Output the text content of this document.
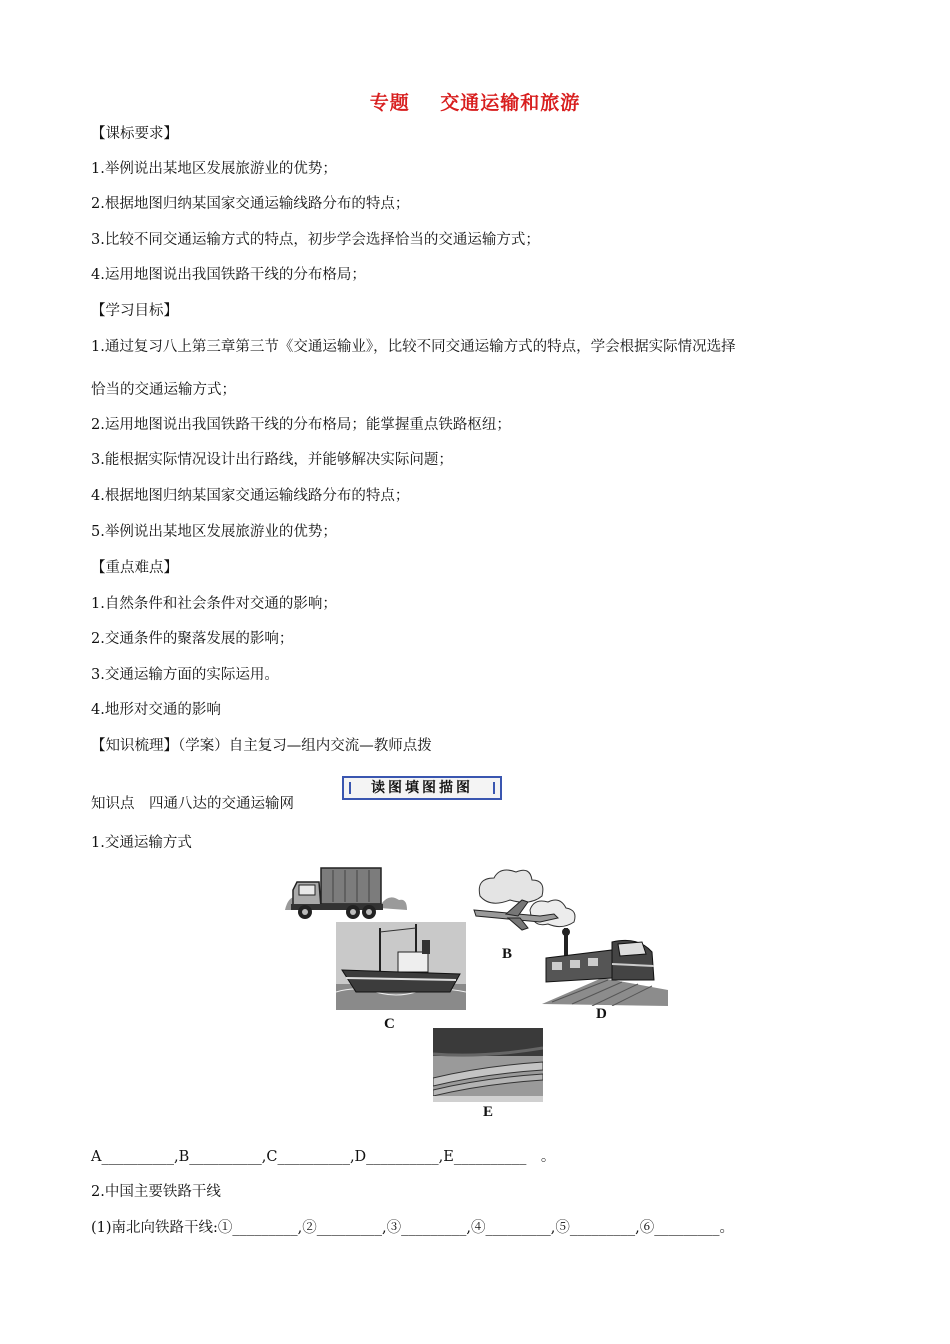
专题    交通运输和旅游
【课标要求】
1.举例说出某地区发展旅游业的优势；
2.根据地图归纳某国家交通运输线路分布的特点；
3.比较不同交通运输方式的特点，初步学会选择恰当的交通运输方式；
4.运用地图说出我国铁路干线的分布格局；
【学习目标】
1.通过复习八上第三章第三节《交通运输业》，比较不同交通运输方式的特点，学会根据实际情况选择
恰当的交通运输方式；
2.运用地图说出我国铁路干线的分布格局；能掌握重点铁路枢纽；
3.能根据实际情况设计出行路线，并能够解决实际问题；
4.根据地图归纳某国家交通运输线路分布的特点；
5.举例说出某地区发展旅游业的优势；
【重点难点】
1.自然条件和社会条件对交通的影响；
2.交通条件的聚落发展的影响；
3.交通运输方面的实际运用。
4.地形对交通的影响
【知识梳理】（学案）自主复习—组内交流—教师点拨
知识点　四通八达的交通运输网
读图填图描图
1.交通运输方式
B
C
D
E
A__________,B__________,C__________,D__________,E__________　。
2.中国主要铁路干线
(1)南北向铁路干线:①_________,②_________,③_________,④_________,⑤_________,⑥_________。
